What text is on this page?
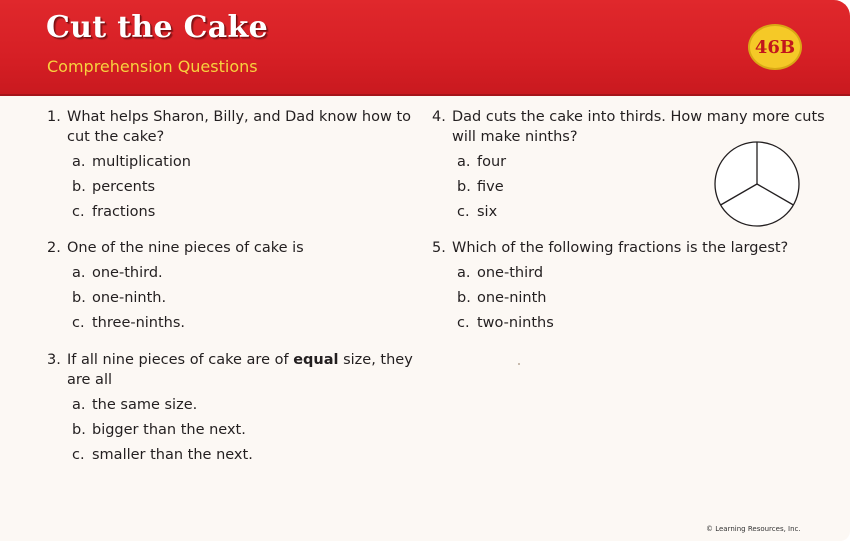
Cut the Cake
Comprehension Questions
46B
1. What helps Sharon, Billy, and Dad know how to
cut the cake?
a. multiplication
b. percents
c. fractions
2. One of the nine pieces of cake is
a. one-third.
b. one-ninth.
c. three-ninths.
3. If all nine pieces of cake are of equal size, they
are all
a. the same size.
b. bigger than the next.
c. smaller than the next.
4. Dad cuts the cake into thirds. How many more cuts
will make ninths?
a. four
b. five
c. six
5. Which of the following fractions is the largest?
a. one-third
b. one-ninth
c. two-ninths
© Learning Resources, Inc.
